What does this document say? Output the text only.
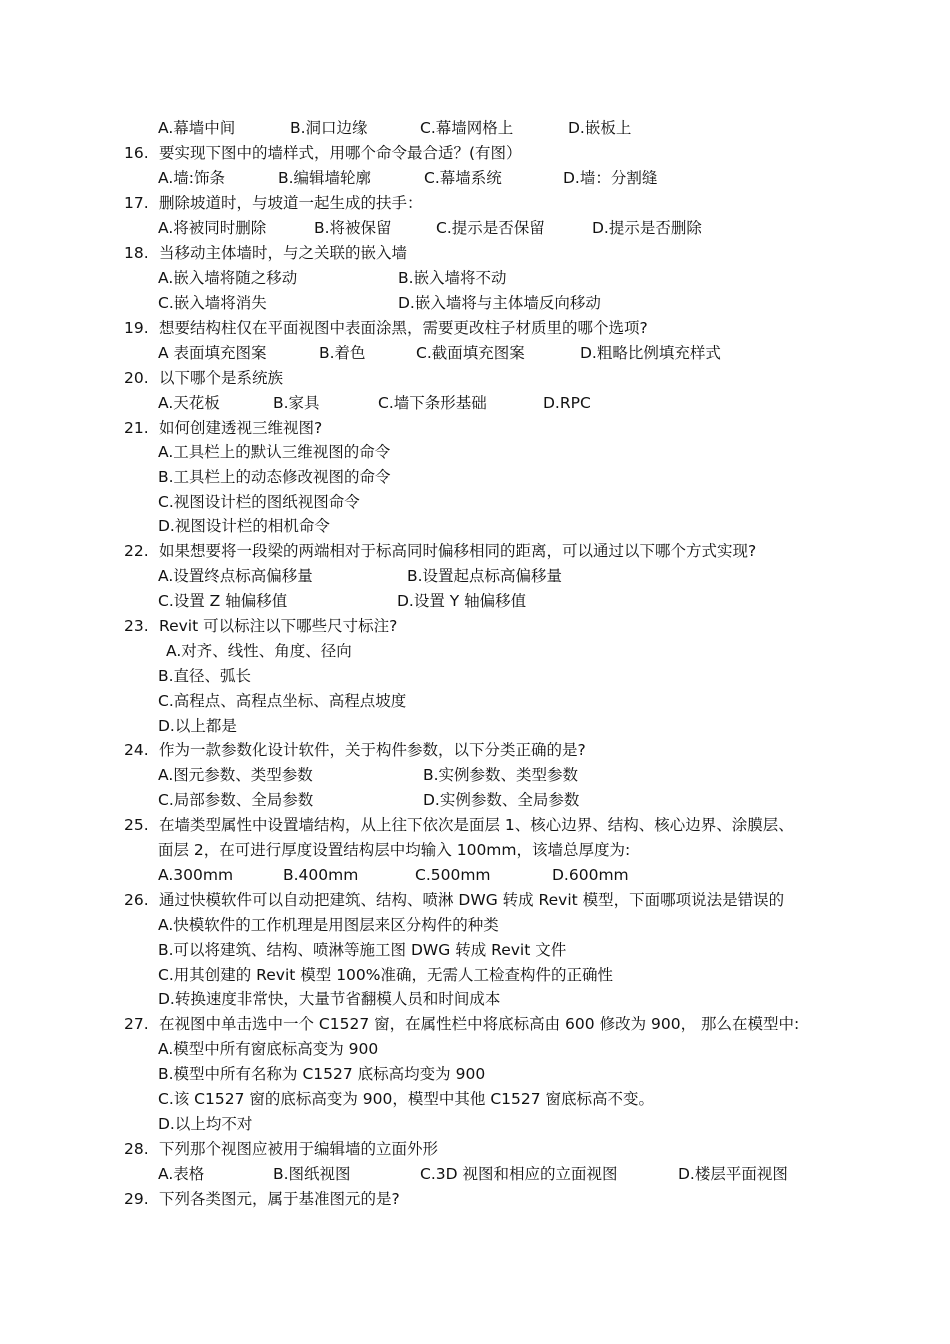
A.幕墙中间	B.洞口边缘	C.幕墙网格上	D.嵌板上
16. 要实现下图中的墙样式，用哪个命令最合适？(有图）
A.墙:饰条	B.编辑墙轮廓	C.幕墙系统	D.墙：分割缝
17. 删除坡道时，与坡道一起生成的扶手：
A.将被同时删除	B.将被保留	C.提示是否保留	D.提示是否删除
18. 当移动主体墙时，与之关联的嵌入墙
A.嵌入墙将随之移动	B.嵌入墙将不动
C.嵌入墙将消失	D.嵌入墙将与主体墙反向移动
19. 想要结构柱仅在平面视图中表面涂黑，需要更改柱子材质里的哪个选项?
A 表面填充图案	B.着色	C.截面填充图案	D.粗略比例填充样式
20. 以下哪个是系统族
A.天花板	B.家具	C.墙下条形基础	D.RPC
21. 如何创建透视三维视图?
A.工具栏上的默认三维视图的命令
B.工具栏上的动态修改视图的命令
C.视图设计栏的图纸视图命令
D.视图设计栏的相机命令
22. 如果想要将一段梁的两端相对于标高同时偏移相同的距离，可以通过以下哪个方式实现?
A.设置终点标高偏移量	B.设置起点标高偏移量
C.设置 Z 轴偏移值	D.设置 Y 轴偏移值
23. Revit 可以标注以下哪些尺寸标注?
A.对齐、线性、角度、径向
B.直径、弧长
C.高程点、高程点坐标、高程点坡度
D.以上都是
24. 作为一款参数化设计软件，关于构件参数，以下分类正确的是?
A.图元参数、类型参数	B.实例参数、类型参数
C.局部参数、全局参数	D.实例参数、全局参数
25. 在墙类型属性中设置墙结构，从上往下依次是面层 1、核心边界、结构、核心边界、涂膜层、
面层 2，在可进行厚度设置结构层中均输入 100mm，该墙总厚度为:
A.300mm	B.400mm	C.500mm	D.600mm
26. 通过快模软件可以自动把建筑、结构、喷淋 DWG 转成 Revit 模型，下面哪项说法是错误的
A.快模软件的工作机理是用图层来区分构件的种类
B.可以将建筑、结构、喷淋等施工图 DWG 转成 Revit 文件
C.用其创建的 Revit 模型 100%准确，无需人工检查构件的正确性
D.转换速度非常快，大量节省翻模人员和时间成本
27. 在视图中单击选中一个 C1527 窗，在属性栏中将底标高由 600 修改为 900， 那么在模型中:
A.模型中所有窗底标高变为 900
B.模型中所有名称为 C1527 底标高均变为 900
C.该 C1527 窗的底标高变为 900，模型中其他 C1527 窗底标高不变。
D.以上均不对
28. 下列那个视图应被用于编辑墙的立面外形
A.表格	B.图纸视图	C.3D 视图和相应的立面视图	D.楼层平面视图
29. 下列各类图元，属于基准图元的是?
